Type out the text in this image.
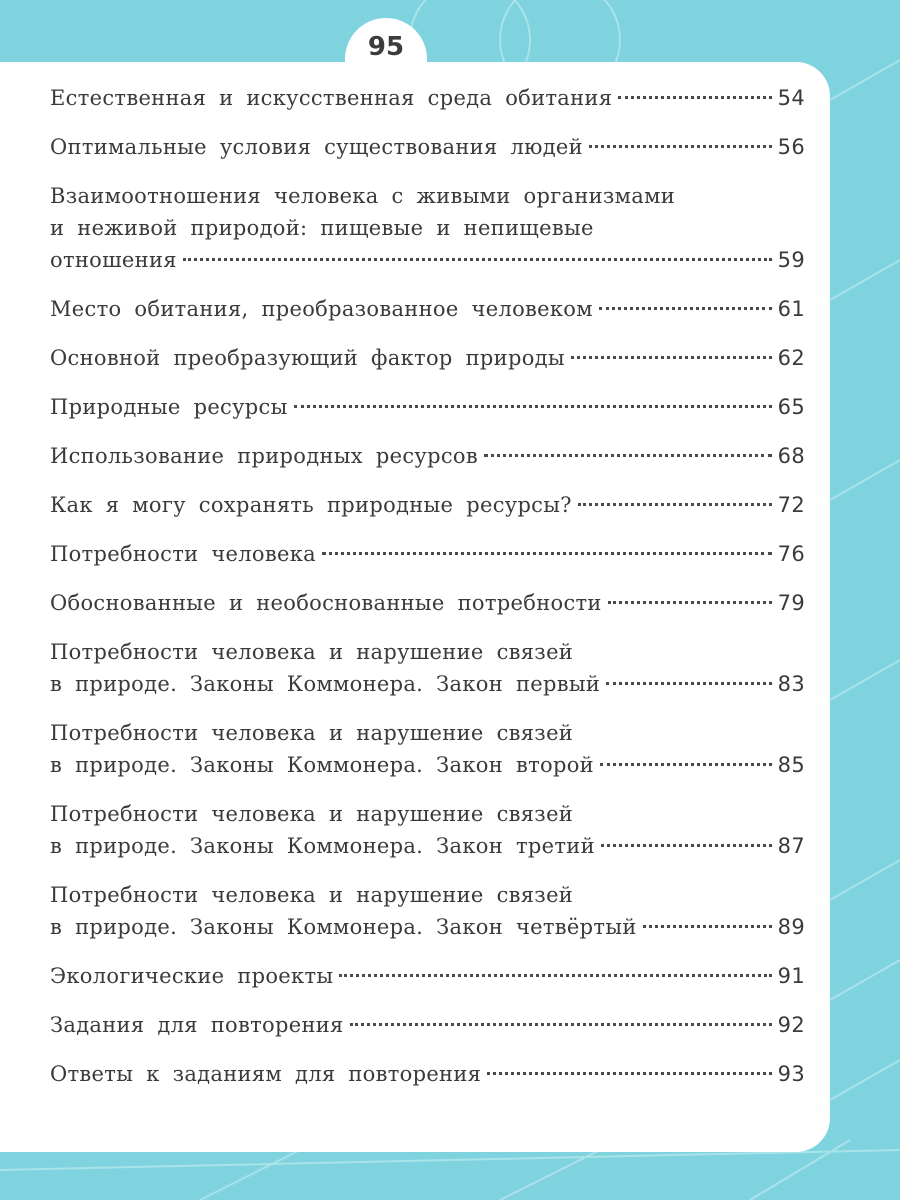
95
Естественная и искусственная среда обитания	54
Оптимальные условия существования людей	56
Взаимоотношения человека с живыми организмами
и неживой природой: пищевые и непищевые
отношения	59
Место обитания, преобразованное человеком	61
Основной преобразующий фактор природы	62
Природные ресурсы	65
Использование природных ресурсов	68
Как я могу сохранять природные ресурсы?	72
Потребности человека	76
Обоснованные и необоснованные потребности	79
Потребности человека и нарушение связей
в природе. Законы Коммонера. Закон первый	83
Потребности человека и нарушение связей
в природе. Законы Коммонера. Закон второй	85
Потребности человека и нарушение связей
в природе. Законы Коммонера. Закон третий	87
Потребности человека и нарушение связей
в природе. Законы Коммонера. Закон четвёртый	89
Экологические проекты	91
Задания для повторения	92
Ответы к заданиям для повторения	93
